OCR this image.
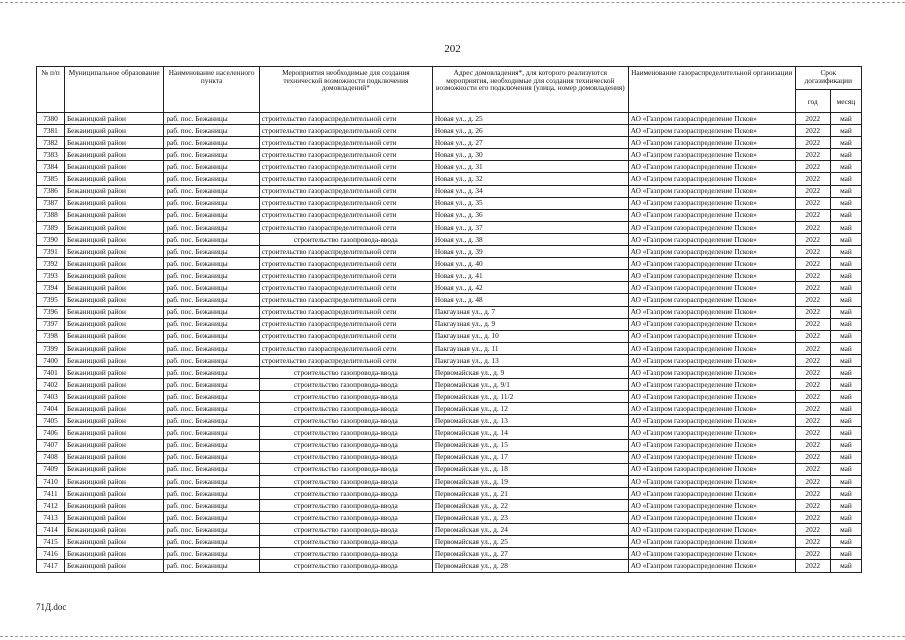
202
№ п/п	Муниципальное образование	Наименование населенного пункта	Мероприятия необходимые для создания технической возможности подключения домовладений*	Адрес домовладения*, для которого реализуются мероприятия, необходимые для создания технической возможности его подключения (улица, номер домовладения)	Наименование газораспределительной организации	Срок догазификации	
						год	месяц
7380	Бежаницкий район	раб. пос. Бежаницы	строительство газораспределительной сети	Новая ул., д. 25	АО «Газпром газораспределение Псков»	2022	май
7381	Бежаницкий район	раб. пос. Бежаницы	строительство газораспределительной сети	Новая ул., д. 26	АО «Газпром газораспределение Псков»	2022	май
7382	Бежаницкий район	раб. пос. Бежаницы	строительство газораспределительной сети	Новая ул., д. 27	АО «Газпром газораспределение Псков»	2022	май
7383	Бежаницкий район	раб. пос. Бежаницы	строительство газораспределительной сети	Новая ул., д. 30	АО «Газпром газораспределение Псков»	2022	май
7384	Бежаницкий район	раб. пос. Бежаницы	строительство газораспределительной сети	Новая ул., д. 31	АО «Газпром газораспределение Псков»	2022	май
7385	Бежаницкий район	раб. пос. Бежаницы	строительство газораспределительной сети	Новая ул., д. 32	АО «Газпром газораспределение Псков»	2022	май
7386	Бежаницкий район	раб. пос. Бежаницы	строительство газораспределительной сети	Новая ул., д. 34	АО «Газпром газораспределение Псков»	2022	май
7387	Бежаницкий район	раб. пос. Бежаницы	строительство газораспределительной сети	Новая ул., д. 35	АО «Газпром газораспределение Псков»	2022	май
7388	Бежаницкий район	раб. пос. Бежаницы	строительство газораспределительной сети	Новая ул., д. 36	АО «Газпром газораспределение Псков»	2022	май
7389	Бежаницкий район	раб. пос. Бежаницы	строительство газораспределительной сети	Новая ул., д. 37	АО «Газпром газораспределение Псков»	2022	май
7390	Бежаницкий район	раб. пос. Бежаницы	строительство газопровода-ввода	Новая ул., д. 38	АО «Газпром газораспределение Псков»	2022	май
7391	Бежаницкий район	раб. пос. Бежаницы	строительство газораспределительной сети	Новая ул., д. 39	АО «Газпром газораспределение Псков»	2022	май
7392	Бежаницкий район	раб. пос. Бежаницы	строительство газораспределительной сети	Новая ул., д. 40	АО «Газпром газораспределение Псков»	2022	май
7393	Бежаницкий район	раб. пос. Бежаницы	строительство газораспределительной сети	Новая ул., д. 41	АО «Газпром газораспределение Псков»	2022	май
7394	Бежаницкий район	раб. пос. Бежаницы	строительство газораспределительной сети	Новая ул., д. 42	АО «Газпром газораспределение Псков»	2022	май
7395	Бежаницкий район	раб. пос. Бежаницы	строительство газораспределительной сети	Новая ул., д. 48	АО «Газпром газораспределение Псков»	2022	май
7396	Бежаницкий район	раб. пос. Бежаницы	строительство газораспределительной сети	Пакгаузная ул., д. 7	АО «Газпром газораспределение Псков»	2022	май
7397	Бежаницкий район	раб. пос. Бежаницы	строительство газораспределительной сети	Пакгаузная ул., д. 9	АО «Газпром газораспределение Псков»	2022	май
7398	Бежаницкий район	раб. пос. Бежаницы	строительство газораспределительной сети	Пакгаузная ул., д. 10	АО «Газпром газораспределение Псков»	2022	май
7399	Бежаницкий район	раб. пос. Бежаницы	строительство газораспределительной сети	Пакгаузная ул., д. 11	АО «Газпром газораспределение Псков»	2022	май
7400	Бежаницкий район	раб. пос. Бежаницы	строительство газораспределительной сети	Пакгаузная ул., д. 13	АО «Газпром газораспределение Псков»	2022	май
7401	Бежаницкий район	раб. пос. Бежаницы	строительство газопровода-ввода	Первомайская ул., д. 9	АО «Газпром газораспределение Псков»	2022	май
7402	Бежаницкий район	раб. пос. Бежаницы	строительство газопровода-ввода	Первомайская ул., д. 9/1	АО «Газпром газораспределение Псков»	2022	май
7403	Бежаницкий район	раб. пос. Бежаницы	строительство газопровода-ввода	Первомайская ул., д. 11/2	АО «Газпром газораспределение Псков»	2022	май
7404	Бежаницкий район	раб. пос. Бежаницы	строительство газопровода-ввода	Первомайская ул., д. 12	АО «Газпром газораспределение Псков»	2022	май
7405	Бежаницкий район	раб. пос. Бежаницы	строительство газопровода-ввода	Первомайская ул., д. 13	АО «Газпром газораспределение Псков»	2022	май
7406	Бежаницкий район	раб. пос. Бежаницы	строительство газопровода-ввода	Первомайская ул., д. 14	АО «Газпром газораспределение Псков»	2022	май
7407	Бежаницкий район	раб. пос. Бежаницы	строительство газопровода-ввода	Первомайская ул., д. 15	АО «Газпром газораспределение Псков»	2022	май
7408	Бежаницкий район	раб. пос. Бежаницы	строительство газопровода-ввода	Первомайская ул., д. 17	АО «Газпром газораспределение Псков»	2022	май
7409	Бежаницкий район	раб. пос. Бежаницы	строительство газопровода-ввода	Первомайская ул., д. 18	АО «Газпром газораспределение Псков»	2022	май
7410	Бежаницкий район	раб. пос. Бежаницы	строительство газопровода-ввода	Первомайская ул., д. 19	АО «Газпром газораспределение Псков»	2022	май
7411	Бежаницкий район	раб. пос. Бежаницы	строительство газопровода-ввода	Первомайская ул., д. 21	АО «Газпром газораспределение Псков»	2022	май
7412	Бежаницкий район	раб. пос. Бежаницы	строительство газопровода-ввода	Первомайская ул., д. 22	АО «Газпром газораспределение Псков»	2022	май
7413	Бежаницкий район	раб. пос. Бежаницы	строительство газопровода-ввода	Первомайская ул., д. 23	АО «Газпром газораспределение Псков»	2022	май
7414	Бежаницкий район	раб. пос. Бежаницы	строительство газопровода-ввода	Первомайская ул., д. 24	АО «Газпром газораспределение Псков»	2022	май
7415	Бежаницкий район	раб. пос. Бежаницы	строительство газопровода-ввода	Первомайская ул., д. 25	АО «Газпром газораспределение Псков»	2022	май
7416	Бежаницкий район	раб. пос. Бежаницы	строительство газопровода-ввода	Первомайская ул., д. 27	АО «Газпром газораспределение Псков»	2022	май
7417	Бежаницкий район	раб. пос. Бежаницы	строительство газопровода-ввода	Первомайская ул., д. 28	АО «Газпром газораспределение Псков»	2022	май
71Д.doc
